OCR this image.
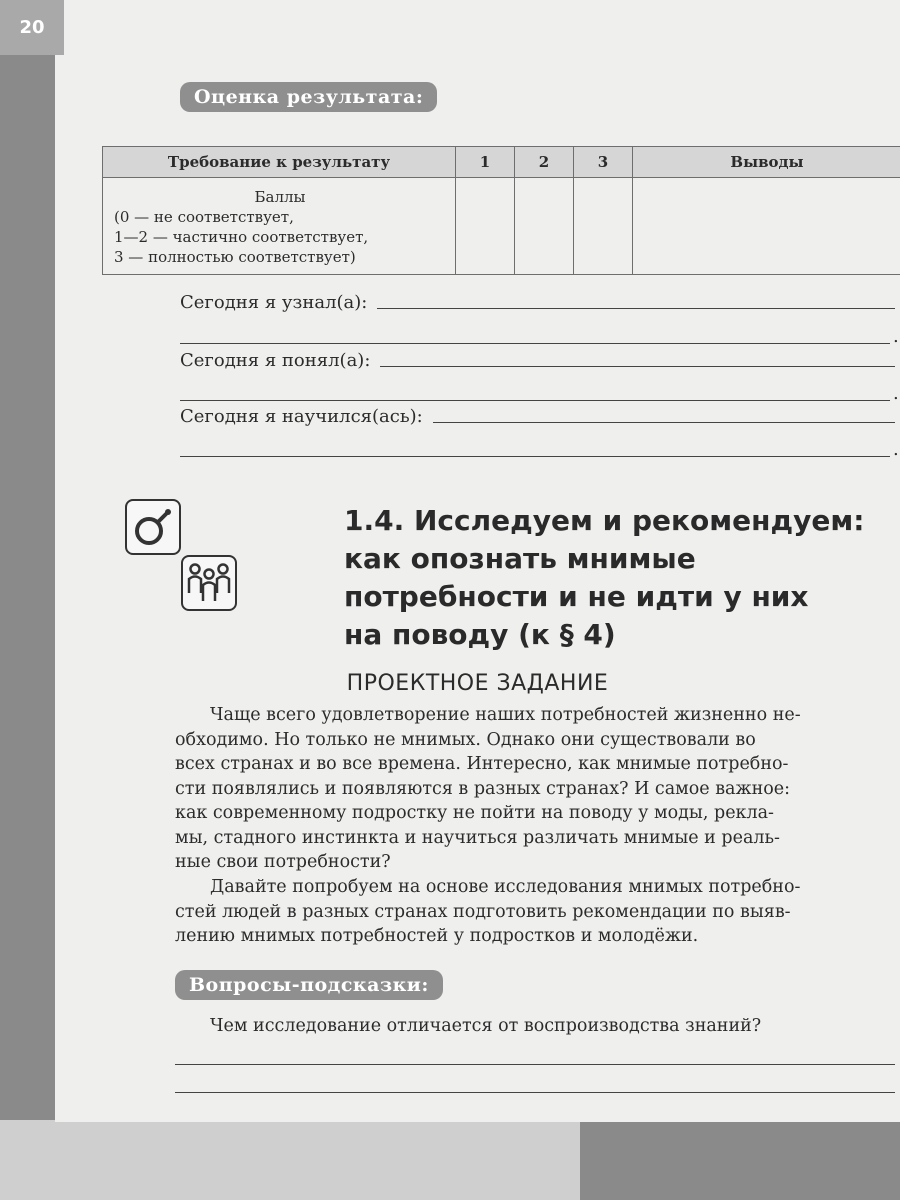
20
Оценка результата:
Требование к результату	1	2	3	Выводы

Баллы
(0 — не соответствует,
1—2 — частично соответствует,
3 — полностью соответствует)				

Сегодня я узнал(а):
.
Сегодня я понял(а):
.
Сегодня я научился(ась):
.
1.4. Исследуем и рекомендуем:
как опознать мнимые
потребности и не идти у них
на поводу (к § 4)
ПРОЕКТНОЕ ЗАДАНИЕ
Чаще всего удовлетворение наших потребностей жизненно не-
обходимо. Но только не мнимых. Однако они существовали во
всех странах и во все времена. Интересно, как мнимые потребно-
сти появлялись и появляются в разных странах? И самое важное:
как современному подростку не пойти на поводу у моды, рекла-
мы, стадного инстинкта и научиться различать мнимые и реаль-
ные свои потребности?
Давайте попробуем на основе исследования мнимых потребно-
стей людей в разных странах подготовить рекомендации по выяв-
лению мнимых потребностей у подростков и молодёжи.
Вопросы-подсказки:
Чем исследование отличается от воспроизводства знаний?
